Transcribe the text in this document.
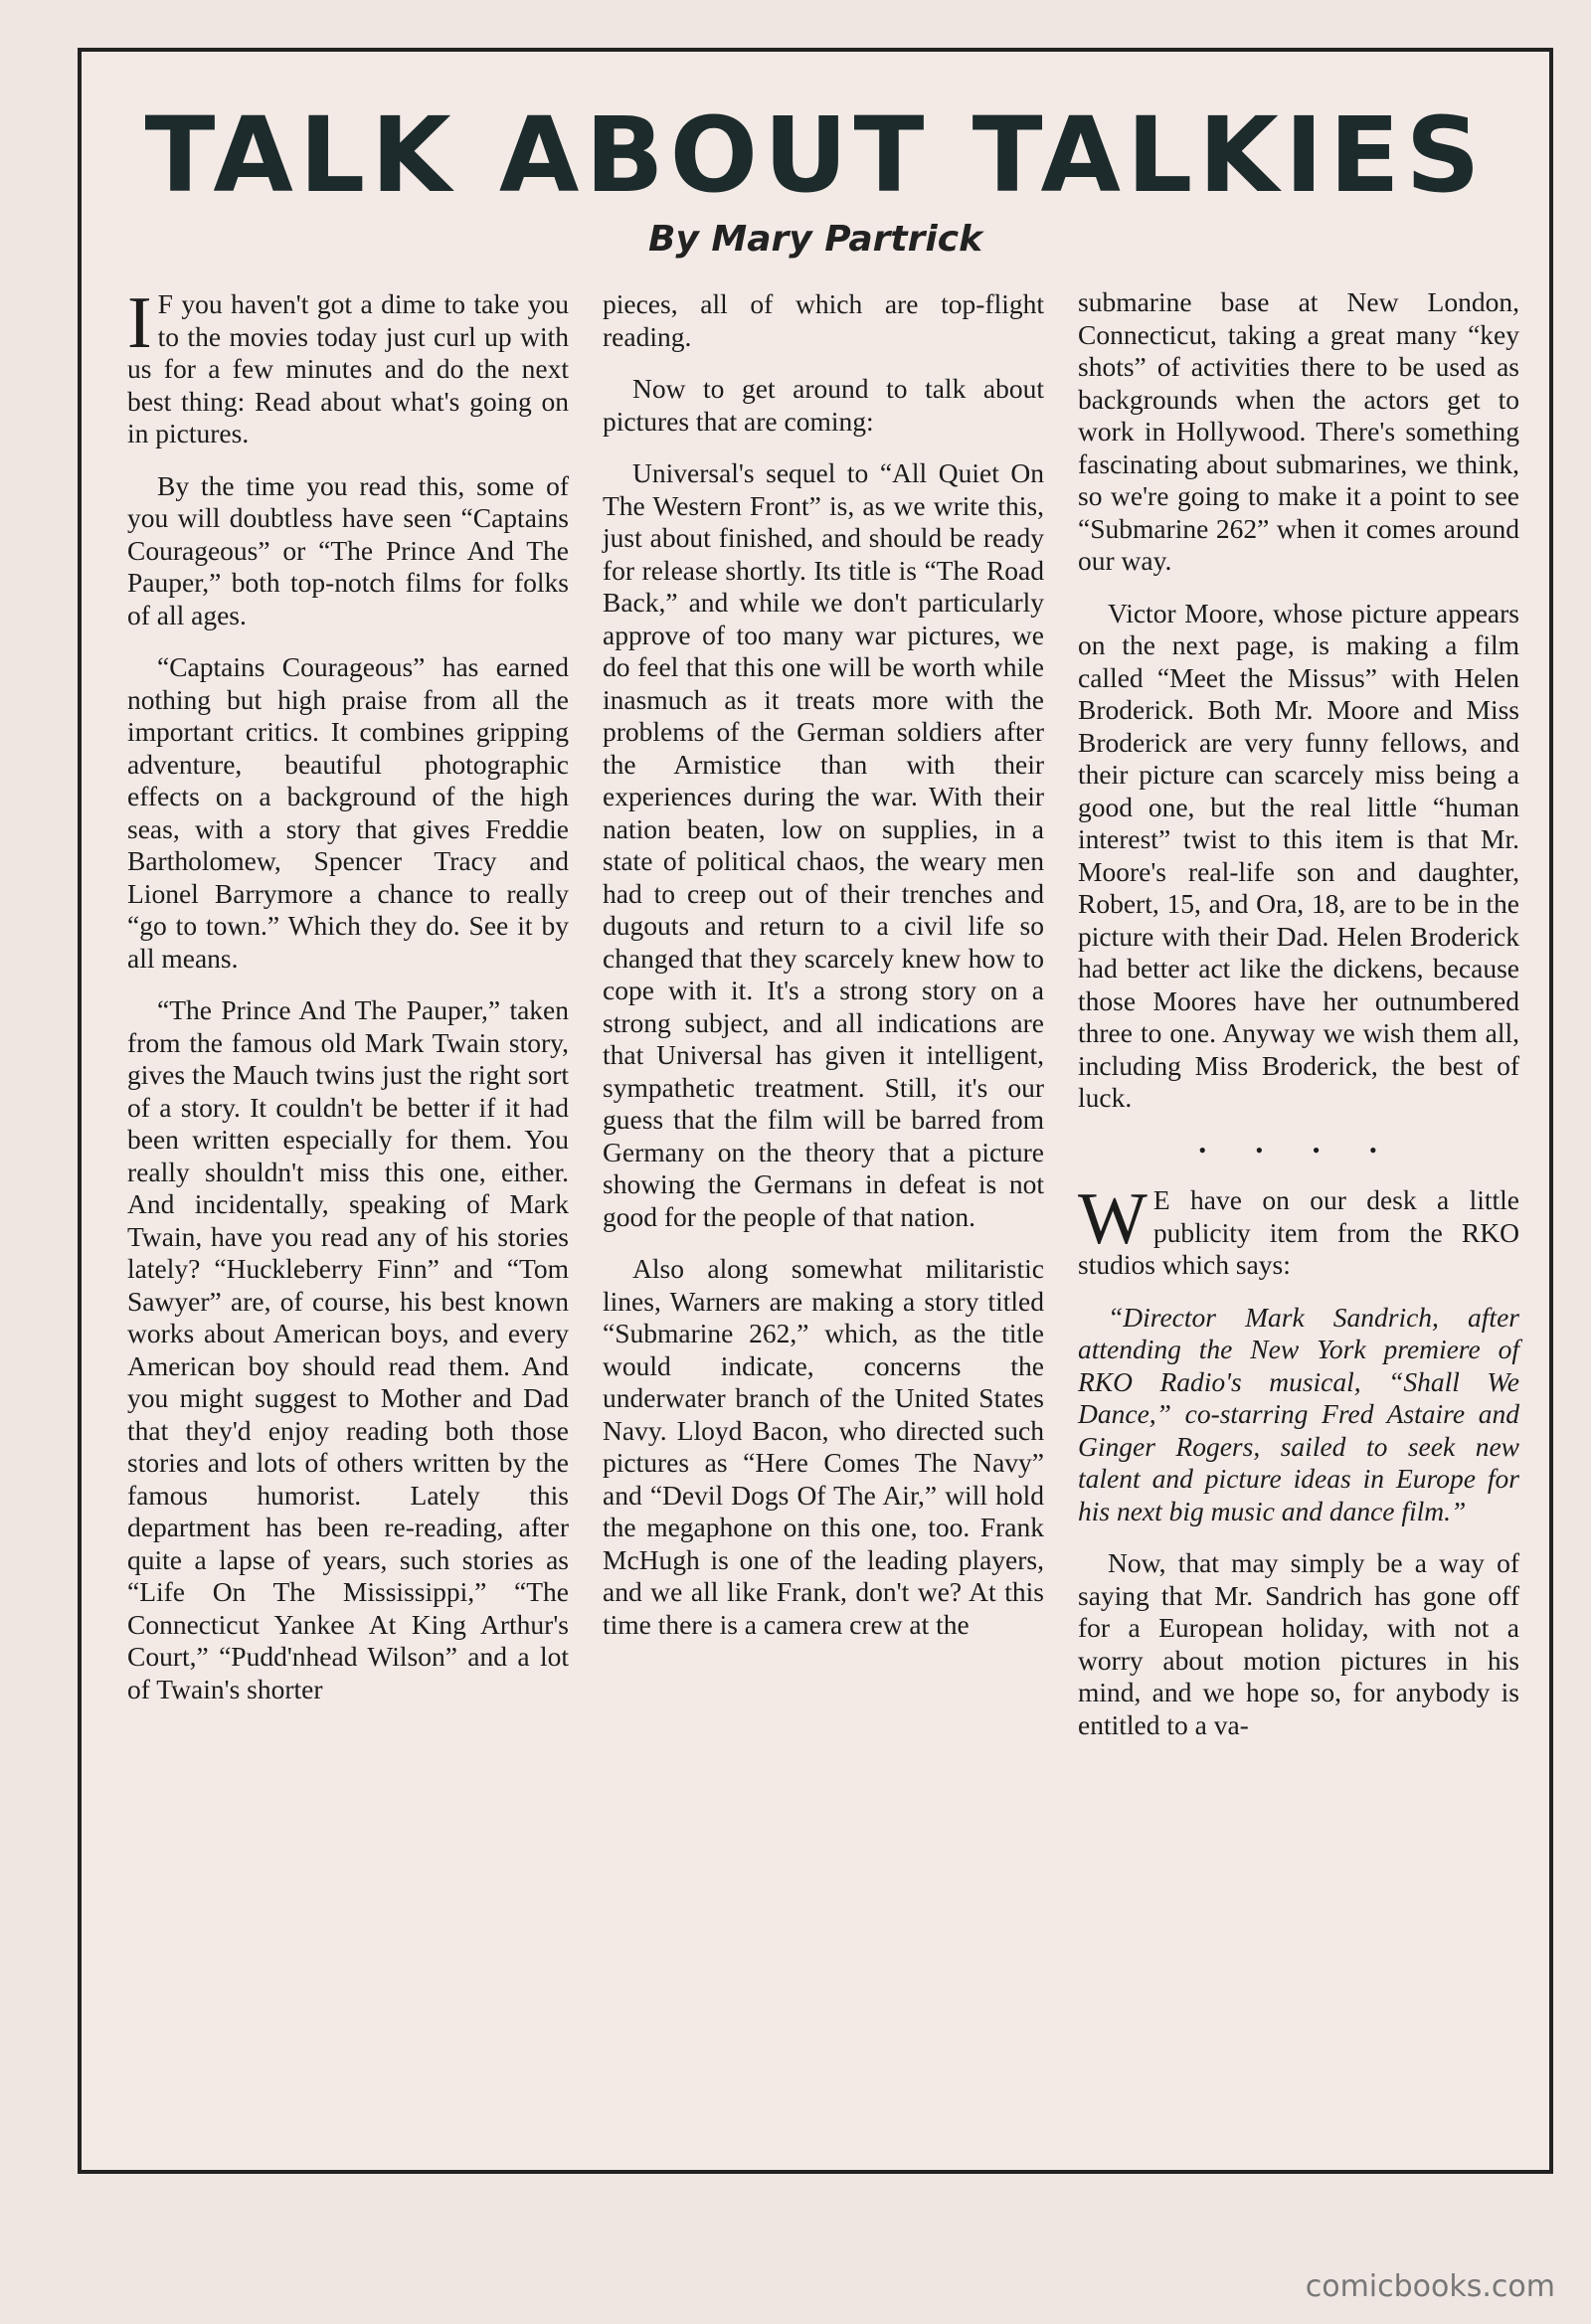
TALK ABOUT TALKIES
By Mary Partrick

I F you haven't got a dime to take you to the movies today just curl up with us for a few minutes and do the next best thing: Read about what's going on in pictures.

By the time you read this, some of you will doubtless have seen “Captains Courageous” or “The Prince And The Pauper,” both top-notch films for folks of all ages.

“Captains Courageous” has earned nothing but high praise from all the important critics. It combines gripping adventure, beautiful photographic effects on a background of the high seas, with a story that gives Freddie Bartholomew, Spencer Tracy and Lionel Barrymore a chance to really “go to town.” Which they do. See it by all means.

“The Prince And The Pauper,” taken from the famous old Mark Twain story, gives the Mauch twins just the right sort of a story. It couldn't be better if it had been written especially for them. You really shouldn't miss this one, either. And incidentally, speaking of Mark Twain, have you read any of his stories lately? “Huckleberry Finn” and “Tom Sawyer” are, of course, his best known works about American boys, and every American boy should read them. And you might suggest to Mother and Dad that they'd enjoy reading both those stories and lots of others written by the famous humorist. Lately this department has been re-reading, after quite a lapse of years, such stories as “Life On The Mississippi,” “The Connecticut Yankee At King Arthur's Court,” “Pudd'nhead Wilson” and a lot of Twain's shorter

pieces, all of which are top-flight reading.

Now to get around to talk about pictures that are coming:

Universal's sequel to “All Quiet On The Western Front” is, as we write this, just about finished, and should be ready for release shortly. Its title is “The Road Back,” and while we don't particularly approve of too many war pictures, we do feel that this one will be worth while inasmuch as it treats more with the problems of the German soldiers after the Armistice than with their experiences during the war. With their nation beaten, low on supplies, in a state of political chaos, the weary men had to creep out of their trenches and dugouts and return to a civil life so changed that they scarcely knew how to cope with it. It's a strong story on a strong subject, and all indications are that Universal has given it intelligent, sympathetic treatment. Still, it's our guess that the film will be barred from Germany on the theory that a picture showing the Germans in defeat is not good for the people of that nation.

Also along somewhat militaristic lines, Warners are making a story titled “Submarine 262,” which, as the title would indicate, concerns the underwater branch of the United States Navy. Lloyd Bacon, who directed such pictures as “Here Comes The Navy” and “Devil Dogs Of The Air,” will hold the megaphone on this one, too. Frank McHugh is one of the leading players, and we all like Frank, don't we? At this time there is a camera crew at the

submarine base at New London, Connecticut, taking a great many “key shots” of activities there to be used as backgrounds when the actors get to work in Hollywood. There's something fascinating about submarines, we think, so we're going to make it a point to see “Submarine 262” when it comes around our way.

Victor Moore, whose picture appears on the next page, is making a film called “Meet the Missus” with Helen Broderick. Both Mr. Moore and Miss Broderick are very funny fellows, and their picture can scarcely miss being a good one, but the real little “human interest” twist to this item is that Mr. Moore's real-life son and daughter, Robert, 15, and Ora, 18, are to be in the picture with their Dad. Helen Broderick had better act like the dickens, because those Moores have her outnumbered three to one. Anyway we wish them all, including Miss Broderick, the best of luck.

• • • •

W E have on our desk a little publicity item from the RKO studios which says:

“Director Mark Sandrich, after attending the New York premiere of RKO Radio's musical, “Shall We Dance,” co-starring Fred Astaire and Ginger Rogers, sailed to seek new talent and picture ideas in Europe for his next big music and dance film.”

Now, that may simply be a way of saying that Mr. Sandrich has gone off for a European holiday, with not a worry about motion pictures in his mind, and we hope so, for anybody is entitled to a va-

comicbooks.com
